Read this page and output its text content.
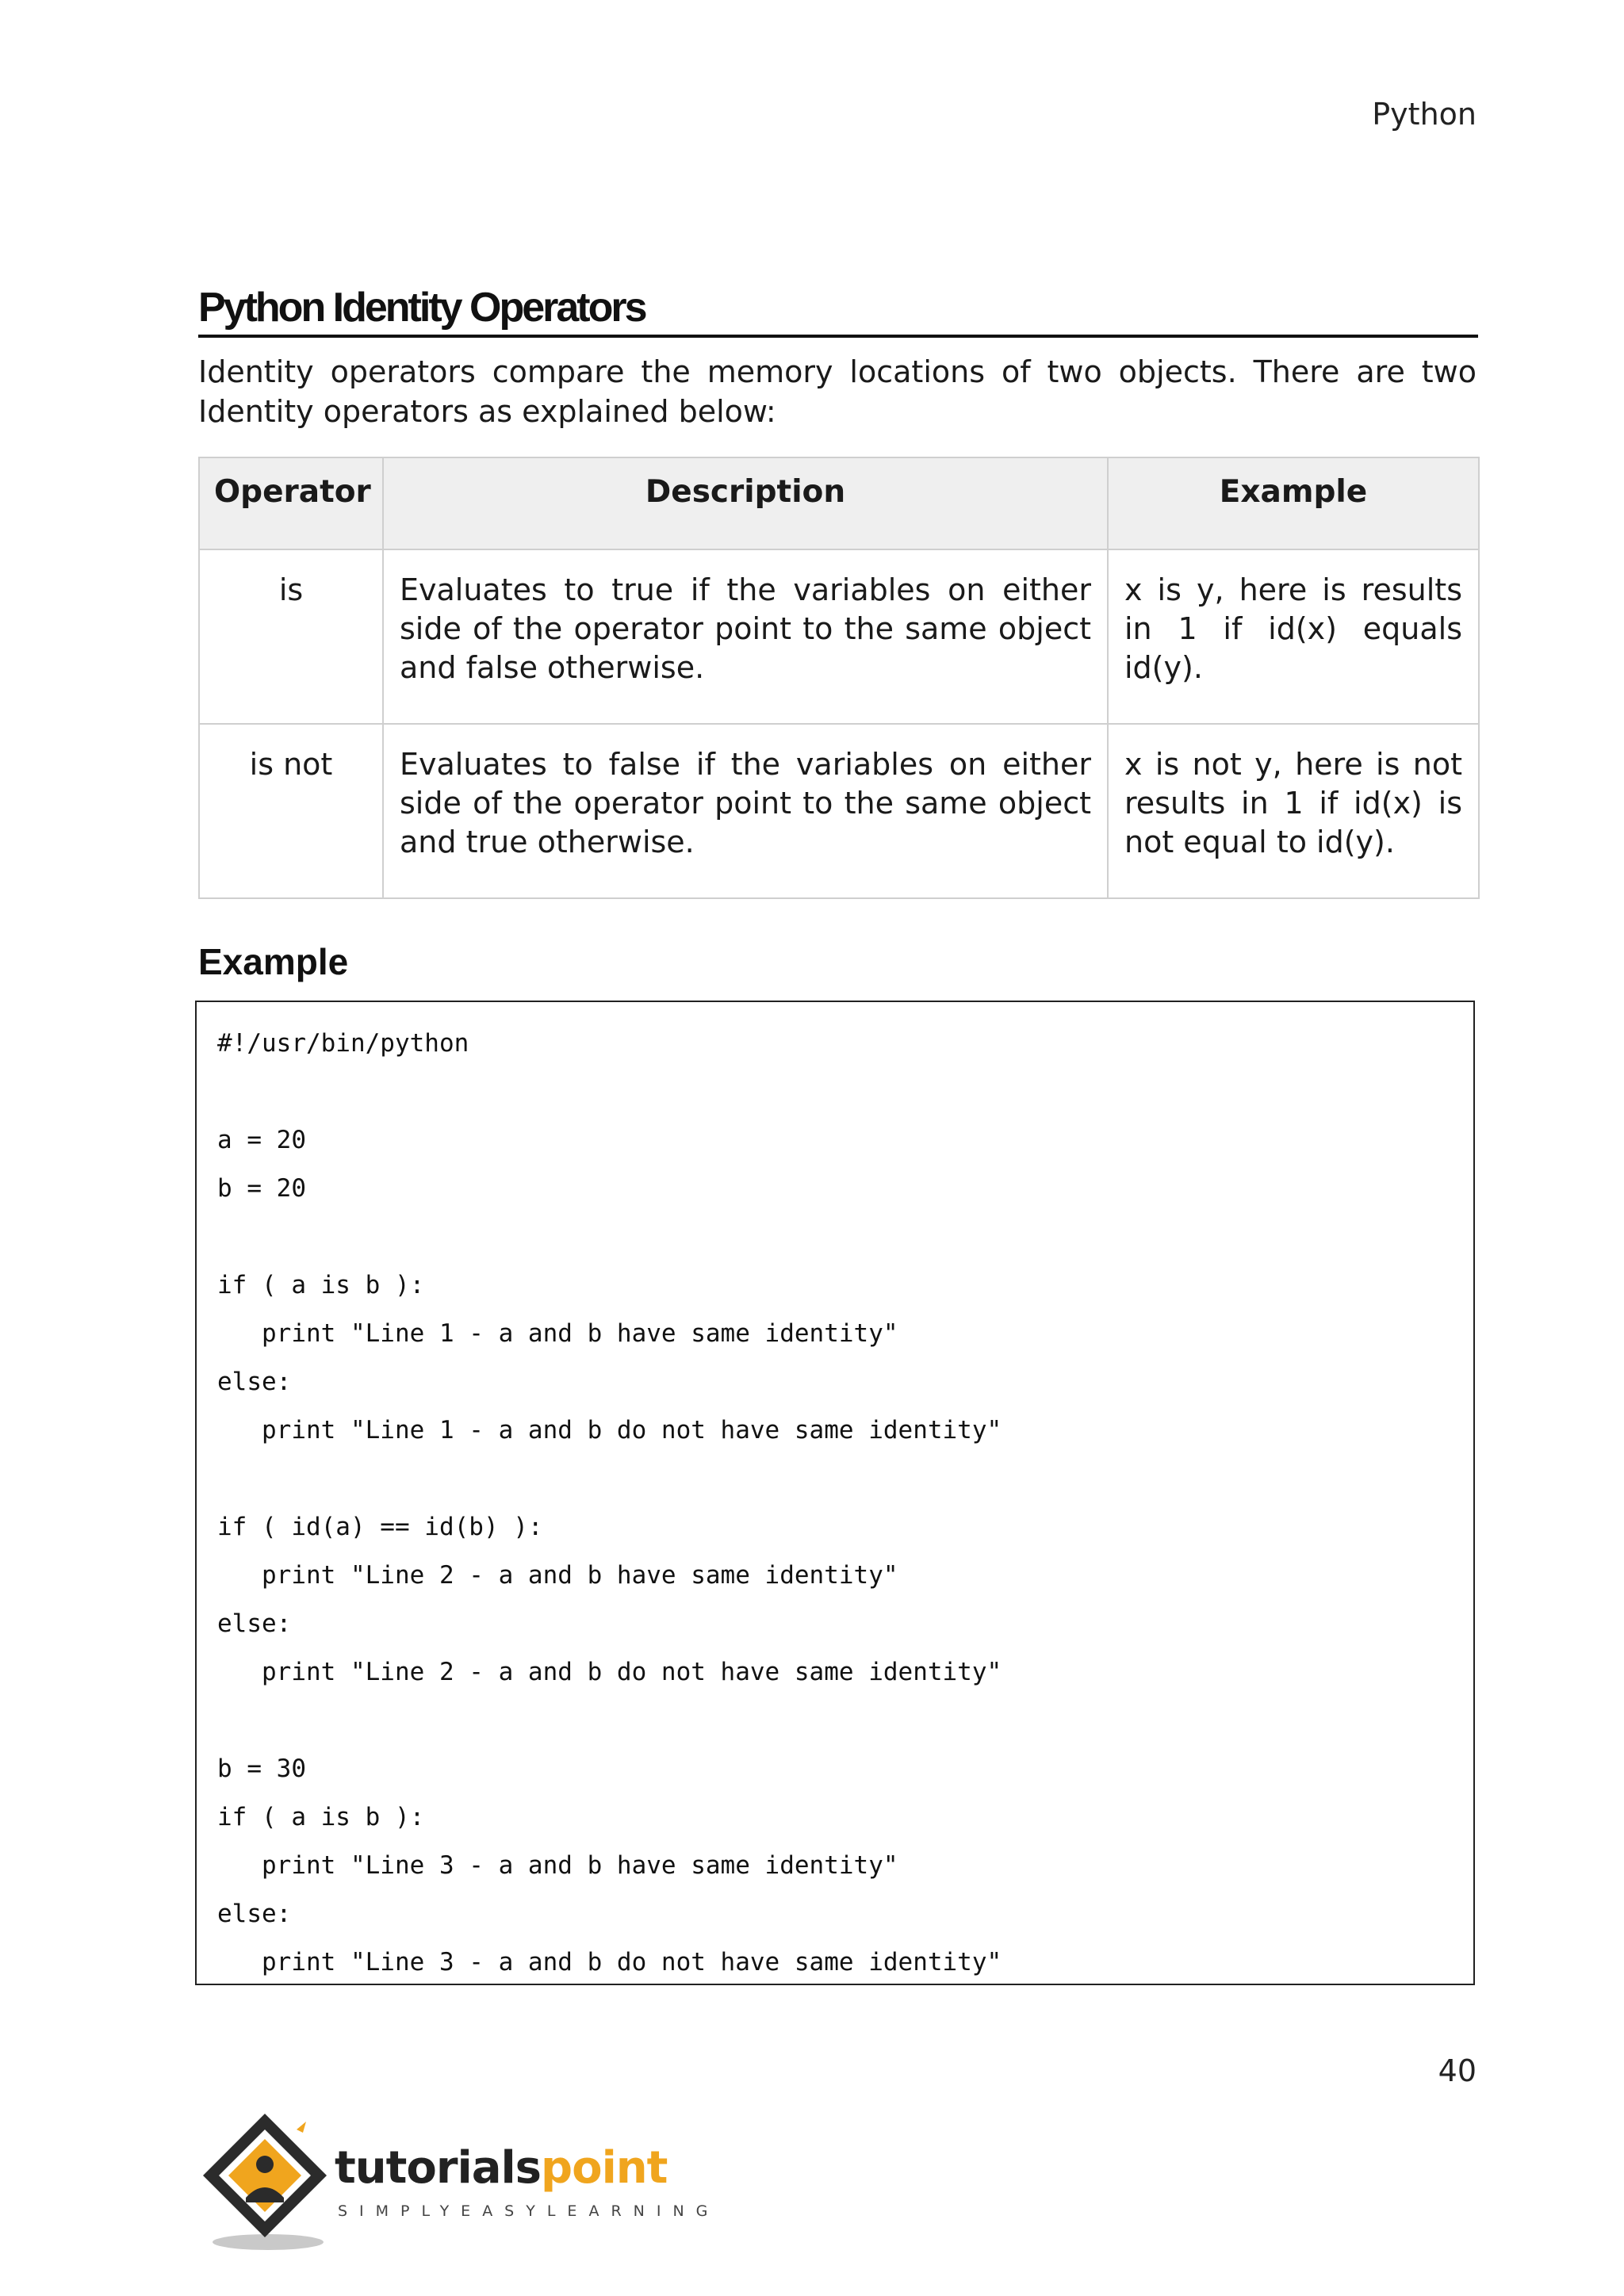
Python
Python Identity Operators

Identity operators compare the memory locations of two objects. There are two Identity operators as explained below:

Operator	Description	Example
is	Evaluates to true if the variables on either side of the operator point to the same object and false otherwise.	x is y, here is results in 1 if id(x) equals id(y).
is not	Evaluates to false if the variables on either side of the operator point to the same object and true otherwise.	x is not y, here is not results in 1 if id(x) is not equal to id(y).
Example
#!/usr/bin/python

a = 20
b = 20

if ( a is b ):
print "Line 1 - a and b have same identity"
else:
print "Line 1 - a and b do not have same identity"

if ( id(a) == id(b) ):
print "Line 2 - a and b have same identity"
else:
print "Line 2 - a and b do not have same identity"

b = 30
if ( a is b ):
print "Line 3 - a and b have same identity"
else:
print "Line 3 - a and b do not have same identity"
40
tutorialspoint
SIMPLYEASYLEARNING
